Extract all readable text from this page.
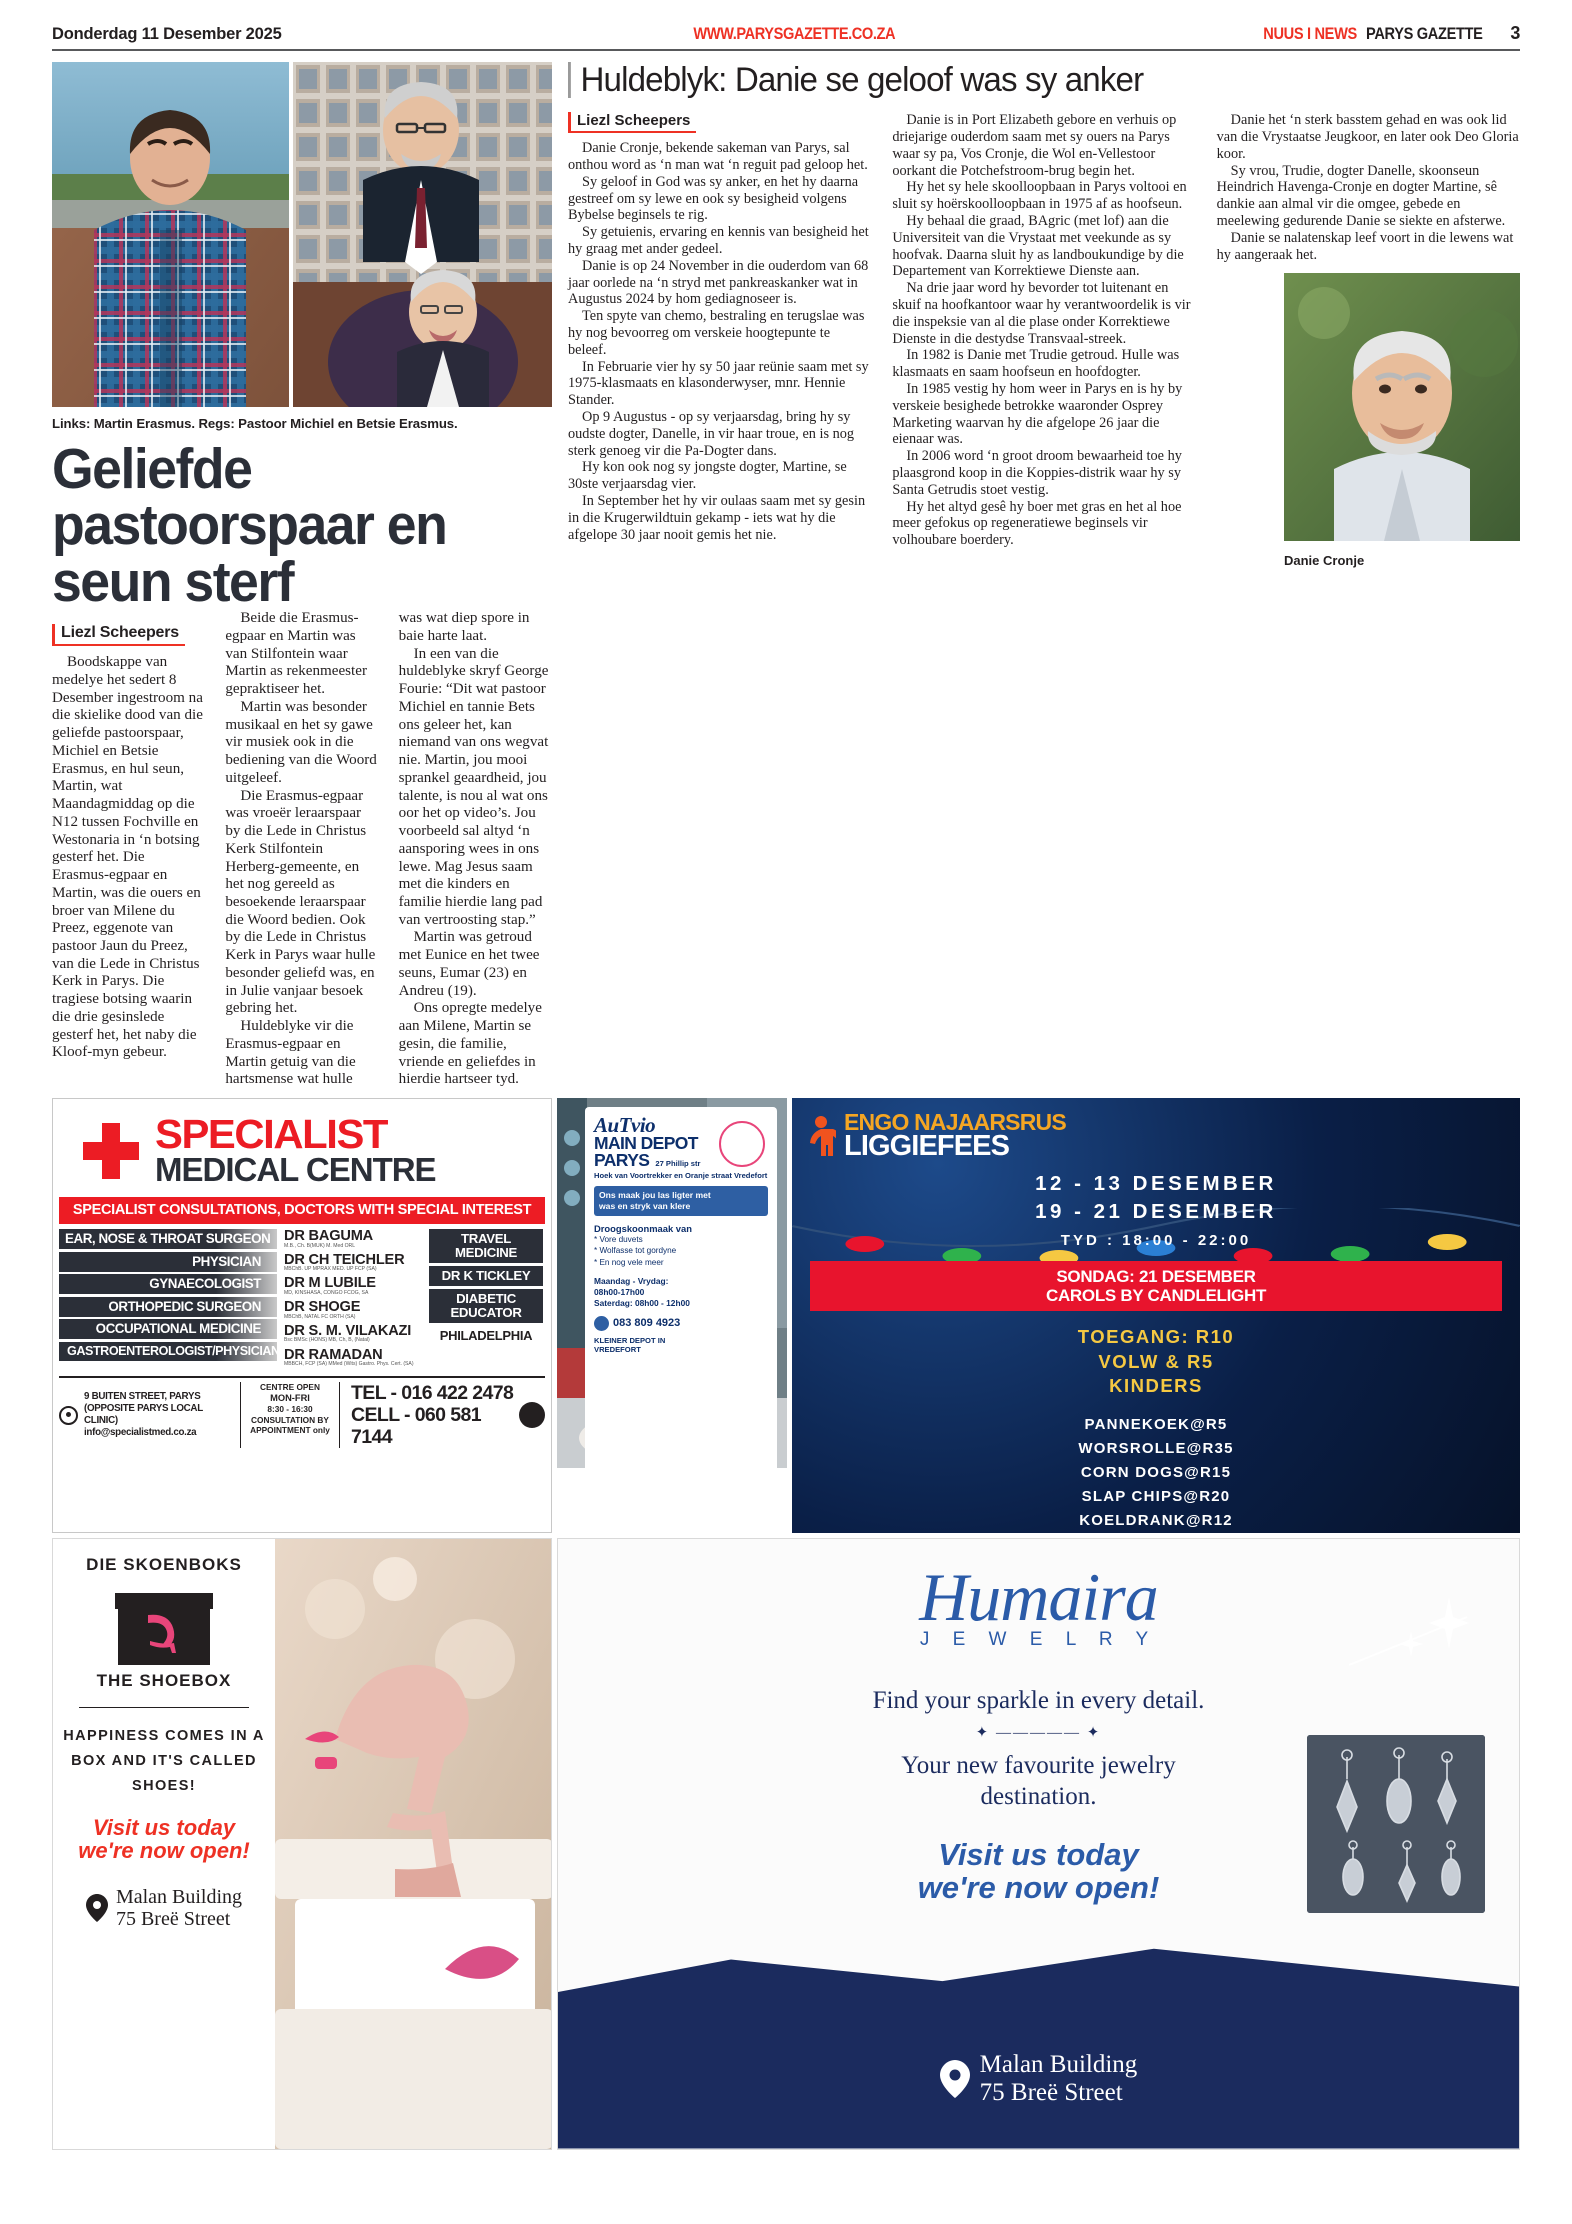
Donderdag 11 Desember 2025	WWW.PARYSGAZETTE.CO.ZA	NUUS I NEWS PARYS GAZETTE 3
Links: Martin Erasmus. Regs: Pastoor Michiel en Betsie Erasmus.
Geliefde pastoorspaar en seun sterf
Liezl Scheepers

Boodskappe van medelye het sedert 8 Desember ingestroom na die skielike dood van die geliefde pastoorspaar, Michiel en Betsie Erasmus, en hul seun, Martin, wat Maandagmiddag op die N12 tussen Fochville en Westonaria in ‘n botsing gesterf het. Die Erasmus-egpaar en Martin, was die ouers en broer van Milene du Preez, eggenote van pastoor Jaun du Preez, van die Lede in Christus Kerk in Parys. Die tragiese botsing waarin die drie gesinslede gesterf het, het naby die Kloof-myn gebeur.

Beide die Erasmus-egpaar en Martin was van Stilfontein waar Martin as rekenmeester gepraktiseer het.

Martin was besonder musikaal en het sy gawe vir musiek ook in die bediening van die Woord uitgeleef.

Die Erasmus-egpaar was vroeër leraarspaar by die Lede in Christus Kerk Stilfontein Herberg-gemeente, en het nog gereeld as besoekende leraarspaar die Woord bedien. Ook by die Lede in Christus Kerk in Parys waar hulle besonder geliefd was, en in Julie vanjaar besoek gebring het.

Huldeblyke vir die Erasmus-egpaar en Martin getuig van die hartsmense wat hulle was wat diep spore in baie harte laat.

In een van die huldeblyke skryf George Fourie: “Dit wat pastoor Michiel en tannie Bets ons geleer het, kan niemand van ons wegvat nie. Martin, jou mooi sprankel geaardheid, jou talente, is nou al wat ons oor het op video’s. Jou voorbeeld sal altyd ‘n aansporing wees in ons lewe. Mag Jesus saam met die kinders en familie hierdie lang pad van vertroosting stap.”

Martin was getroud met Eunice en het twee seuns, Eumar (23) en Andreu (19).

Ons opregte medelye aan Milene, Martin se gesin, die familie, vriende en geliefdes in hierdie hartseer tyd.

Huldeblyk: Danie se geloof was sy anker
Liezl Scheepers

Danie Cronje, bekende sakeman van Parys, sal onthou word as ‘n man wat ‘n reguit pad geloop het.

Sy geloof in God was sy anker, en het hy daarna gestreef om sy lewe en ook sy besigheid volgens Bybelse beginsels te rig.

Sy getuienis, ervaring en kennis van besigheid het hy graag met ander gedeel.

Danie is op 24 November in die ouderdom van 68 jaar oorlede na ‘n stryd met pankreaskanker wat in Augustus 2024 by hom gediagnoseer is.

Ten spyte van chemo, bestraling en terugslae was hy nog bevoorreg om verskeie hoogtepunte te beleef.

In Februarie vier hy sy 50 jaar reünie saam met sy 1975-klasmaats en klasonderwyser, mnr. Hennie Stander.

Op 9 Augustus - op sy verjaarsdag, bring hy sy oudste dogter, Danelle, in vir haar troue, en is nog sterk genoeg vir die Pa-Dogter dans.

Hy kon ook nog sy jongste dogter, Martine, se 30ste verjaarsdag vier.

In September het hy vir oulaas saam met sy gesin in die Krugerwildtuin gekamp - iets wat hy die afgelope 30 jaar nooit gemis het nie.

Danie is in Port Elizabeth gebore en verhuis op driejarige ouderdom saam met sy ouers na Parys waar sy pa, Vos Cronje, die Wol en-Vellestoor oorkant die Potchefstroom-brug begin het.

Hy het sy hele skoolloopbaan in Parys voltooi en sluit sy hoërskoolloopbaan in 1975 af as hoofseun.

Hy behaal die graad, BAgric (met lof) aan die Universiteit van die Vrystaat met veekunde as sy hoofvak. Daarna sluit hy as landboukundige by die Departement van Korrektiewe Dienste aan.

Na drie jaar word hy bevorder tot luitenant en skuif na hoofkantoor waar hy verantwoordelik is vir die inspeksie van al die plase onder Korrektiewe Dienste in die destydse Transvaal-streek.

In 1982 is Danie met Trudie getroud. Hulle was klasmaats en saam hoofseun en hoofdogter.

In 1985 vestig hy hom weer in Parys en is hy by verskeie besighede betrokke waaronder Osprey Marketing waarvan hy die afgelope 26 jaar die eienaar was.

In 2006 word ‘n groot droom bewaarheid toe hy plaasgrond koop in die Koppies-distrik waar hy sy Santa Getrudis stoet vestig.

Hy het altyd gesê hy boer met gras en het al hoe meer gefokus op regeneratiewe beginsels vir volhoubare boerdery.

Danie het ‘n sterk basstem gehad en was ook lid van die Vrystaatse Jeugkoor, en later ook Deo Gloria koor.

Sy vrou, Trudie, dogter Danelle, skoonseun Heindrich Havenga-Cronje en dogter Martine, sê dankie aan almal vir die omgee, gebede en meelewing gedurende Danie se siekte en afsterwe.

Danie se nalatenskap leef voort in die lewens wat hy aangeraak het.

Danie Cronje
SPECIALIST
MEDICAL CENTRE
SPECIALIST CONSULTATIONS, DOCTORS WITH SPECIAL INTEREST
EAR, NOSE & THROAT SURGEON
PHYSICIAN
GYNAECOLOGIST
ORTHOPEDIC SURGEON
OCCUPATIONAL MEDICINE
GASTROENTEROLOGIST/PHYSICIAN
DR BAGUMA
M.B., Ch. B(MUK) M. Med ORL
DR CH TEICHLER
MBChB. UP MPRAX MED. UP FCP (SA)
DR M LUBILE
MD, KINSHASA, CONGO FCOG, SA
DR SHOGE
MBChB, NATAL FC ORTH (SA)
DR S. M. VILAKAZI
Bsc BMSc (HONS) MB, Ch, B, (Natal)
DR RAMADAN
MBBCH, FCP (SA) MMed (Wits) Gastro. Phys. Cert. (SA)
TRAVEL MEDICINE
DR K TICKLEY
DIABETIC EDUCATOR
PHILADELPHIA
9 BUITEN STREET, PARYS
(OPPOSITE PARYS LOCAL CLINIC)
info@specialistmed.co.za
CENTRE OPEN
MON-FRI
8:30 - 16:30
CONSULTATION BY
APPOINTMENT only
TEL - 016 422 2478
CELL - 060 581 7144
AuTvio
MAIN DEPOT
PARYS 27 Phillip str
Hoek van Voortrekker en Oranje straat Vredefort
Ons maak jou las ligter met
was en stryk van klere
Droogskoonmaak van
* Vore duvets
* Wolfasse tot gordyne
* En nog vele meer
Maandag - Vrydag:
08h00-17h00
Saterdag: 08h00 - 12h00
083 809 4923
KLEINER DEPOT IN
VREDEFORT
ENGO NAJAARSRUS
LIGGIEFEES
12 - 13 DESEMBER
19 - 21 DESEMBER
TYD : 18:00 - 22:00
SONDAG: 21 DESEMBER
CAROLS BY CANDLELIGHT
TOEGANG: R10
VOLW & R5
KINDERS
PANNEKOEK@R5
WORSROLLE@R35
CORN DOGS@R15
SLAP CHIPS@R20
KOELDRANK@R12
DIE SKOENBOKS
THE SHOEBOX
HAPPINESS COMES IN A
BOX AND IT'S CALLED
SHOES!
Visit us today
we're now open!
Malan Building
75 Breë Street
Humaira
J E W E L R Y
Find your sparkle in every detail.
✦ ————— ✦
Your new favourite jewelry
destination.
Visit us today
we're now open!
Malan Building
75 Breë Street
